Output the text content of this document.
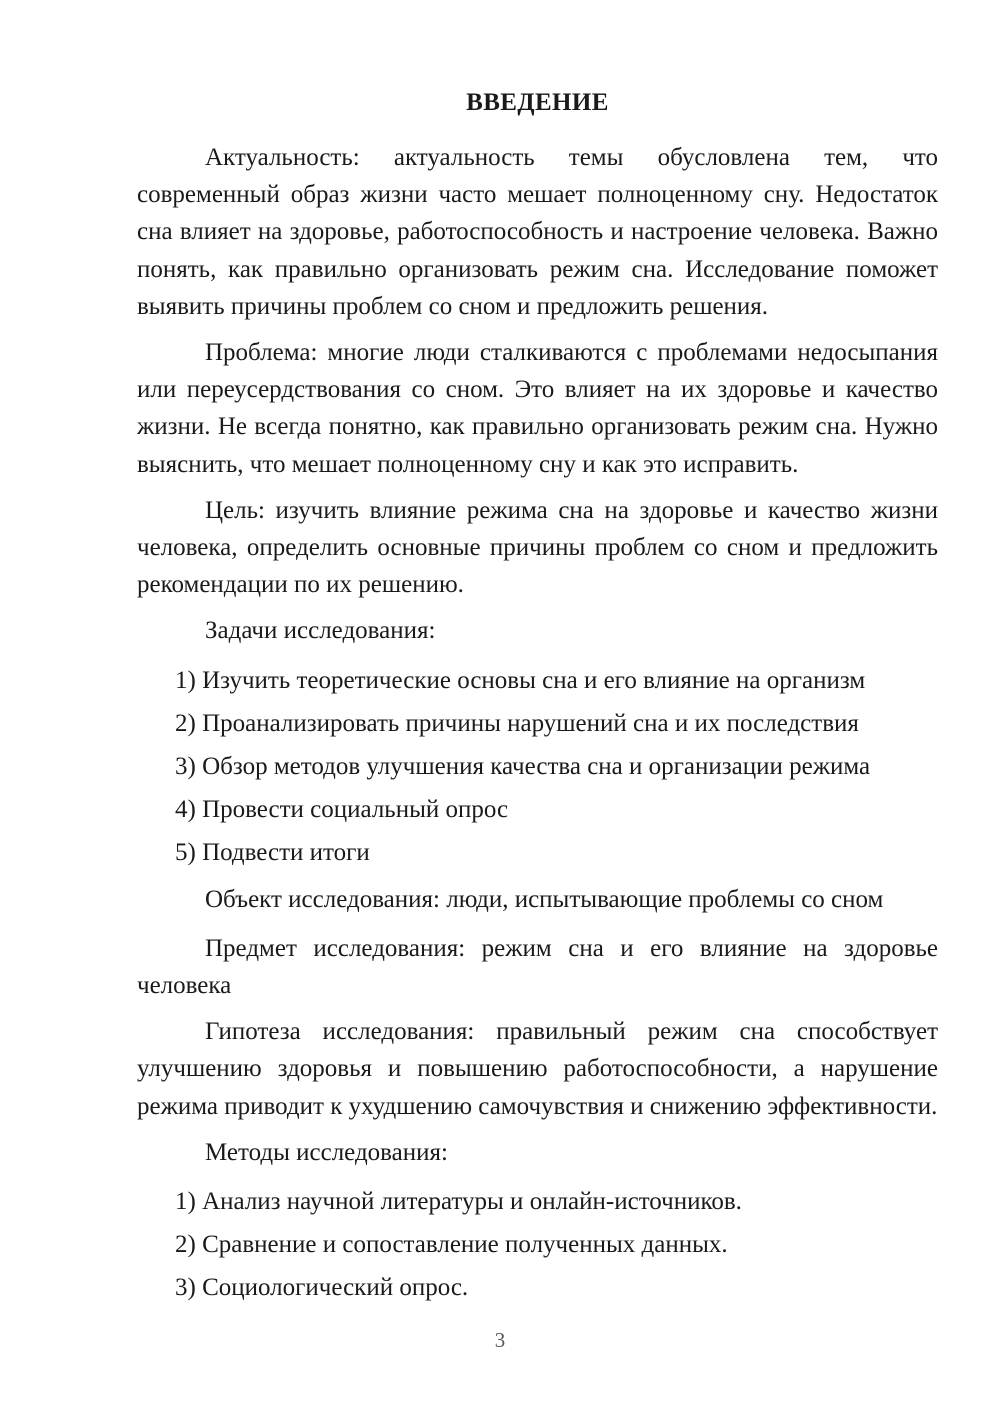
ВВЕДЕНИЕ

Актуальность: актуальность темы обусловлена тем, что современный образ жизни часто мешает полноценному сну. Недостаток сна влияет на здоровье, работоспособность и настроение человека. Важно понять, как правильно организовать режим сна. Исследование поможет выявить причины проблем со сном и предложить решения.

Проблема: многие люди сталкиваются с проблемами недосыпания или переусердствования со сном. Это влияет на их здоровье и качество жизни. Не всегда понятно, как правильно организовать режим сна. Нужно выяснить, что мешает полноценному сну и как это исправить.

Цель: изучить влияние режима сна на здоровье и качество жизни человека, определить основные причины проблем со сном и предложить рекомендации по их решению.

Задачи исследования:

1) Изучить теоретические основы сна и его влияние на организм
2) Проанализировать причины нарушений сна и их последствия
3) Обзор методов улучшения качества сна и организации режима
4) Провести социальный опрос
5) Подвести итоги

Объект исследования: люди, испытывающие проблемы со сном

Предмет исследования: режим сна и его влияние на здоровье человека

Гипотеза исследования: правильный режим сна способствует улучшению здоровья и повышению работоспособности, а нарушение режима приводит к ухудшению самочувствия и снижению эффективности.

Методы исследования:

1) Анализ научной литературы и онлайн-источников.
2) Сравнение и сопоставление полученных данных.
3) Социологический опрос.
3
